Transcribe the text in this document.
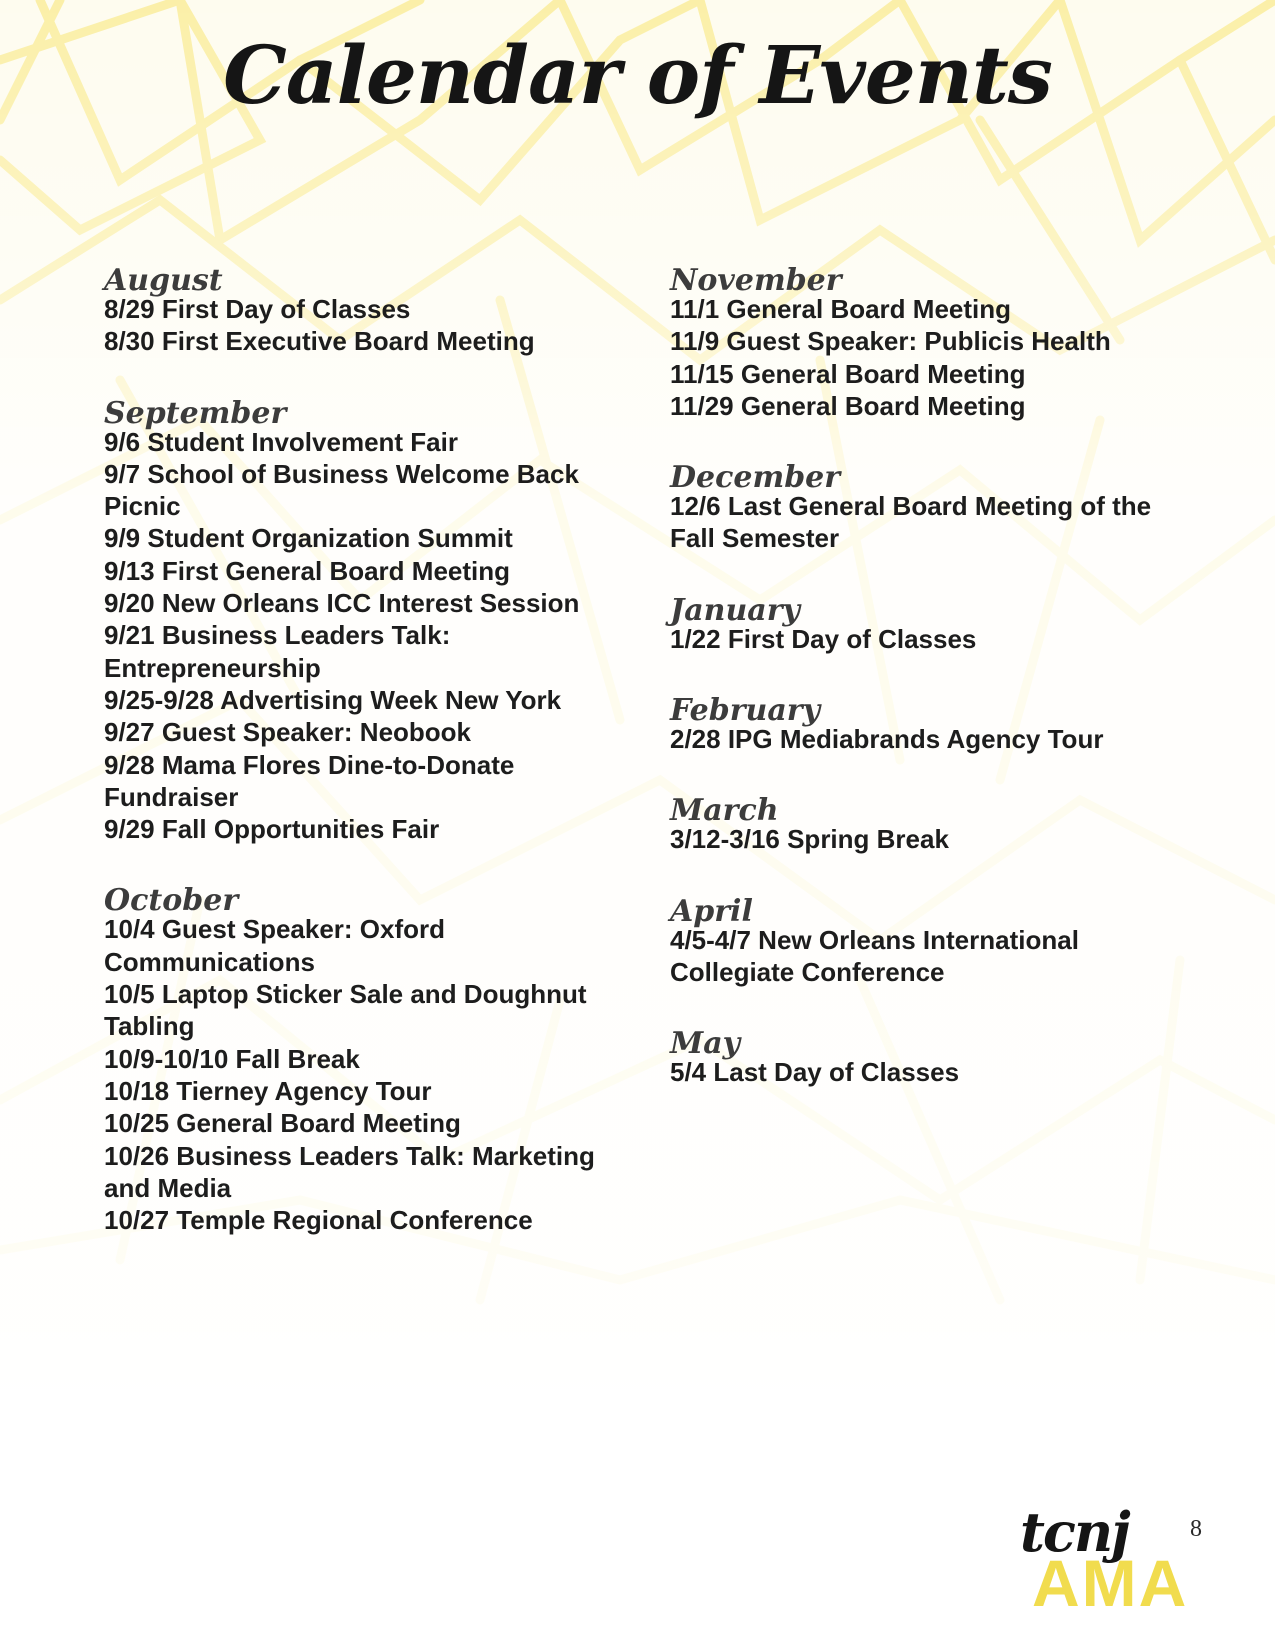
Calendar of Events
August
8/29 First Day of Classes
8/30 First Executive Board Meeting
September
9/6 Student Involvement Fair
9/7 School of Business Welcome Back Picnic
9/9 Student Organization Summit
9/13 First General Board Meeting
9/20 New Orleans ICC Interest Session
9/21 Business Leaders Talk: Entrepreneurship
9/25-9/28 Advertising Week New York
9/27 Guest Speaker: Neobook
9/28 Mama Flores Dine-to-Donate Fundraiser
9/29 Fall Opportunities Fair
October
10/4 Guest Speaker: Oxford Communications
10/5 Laptop Sticker Sale and Doughnut Tabling
10/9-10/10 Fall Break
10/18 Tierney Agency Tour
10/25 General Board Meeting
10/26 Business Leaders Talk: Marketing and Media
10/27 Temple Regional Conference
November
11/1 General Board Meeting
11/9 Guest Speaker: Publicis Health
11/15 General Board Meeting
11/29 General Board Meeting
December
12/6 Last General Board Meeting of the Fall Semester
January
1/22 First Day of Classes
February
2/28 IPG Mediabrands Agency Tour
March
3/12-3/16 Spring Break
April
4/5-4/7 New Orleans International Collegiate Conference
May
5/4 Last Day of Classes
AMA
tcnj	8
